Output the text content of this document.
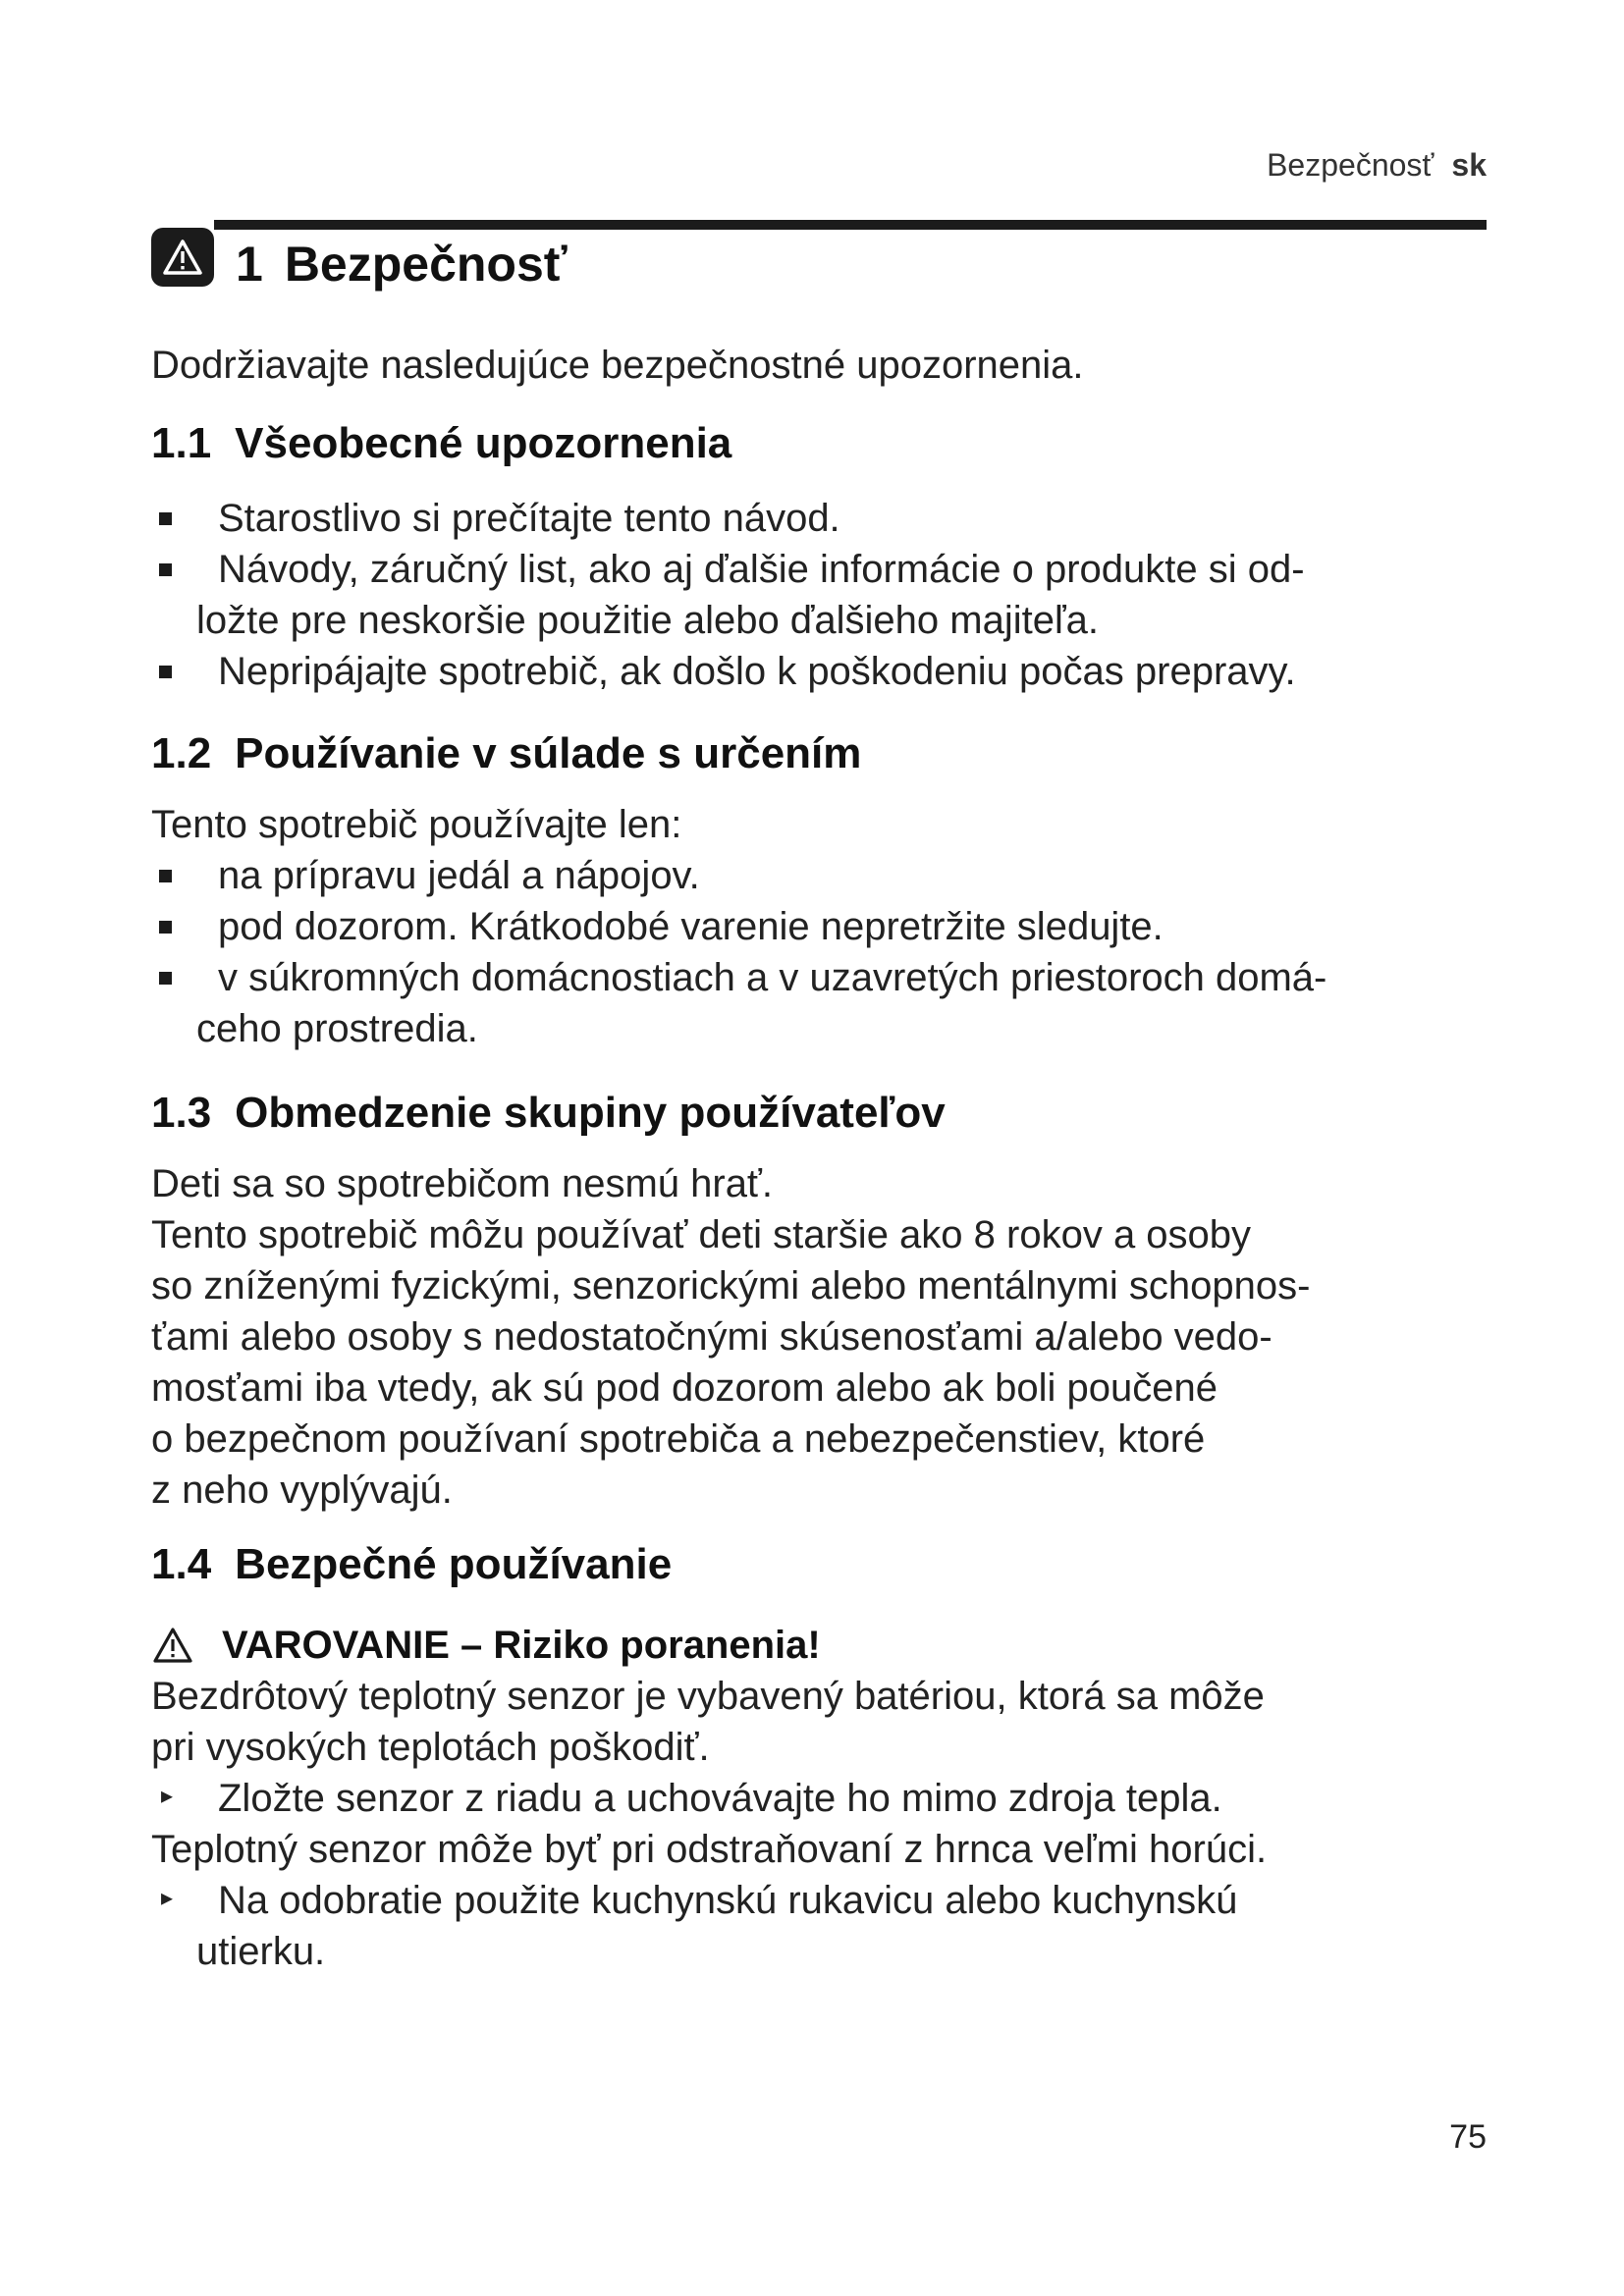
Bezpečnosť sk
1 Bezpečnosť

Dodržiavajte nasledujúce bezpečnostné upozornenia.

1.1 Všeobecné upozornenia
Starostlivo si prečítajte tento návod.
Návody, záručný list, ako aj ďalšie informácie o produkte si od-
ložte pre neskoršie použitie alebo ďalšieho majiteľa.
Nepripájajte spotrebič, ak došlo k poškodeniu počas prepravy.
1.2 Používanie v súlade s určením

Tento spotrebič používajte len:

na prípravu jedál a nápojov.
pod dozorom. Krátkodobé varenie nepretržite sledujte.
v súkromných domácnostiach a v uzavretých priestoroch domá-
ceho prostredia.
1.3 Obmedzenie skupiny používateľov

Deti sa so spotrebičom nesmú hrať.

Tento spotrebič môžu používať deti staršie ako 8 rokov a osoby

so zníženými fyzickými, senzorickými alebo mentálnymi schopnos-

ťami alebo osoby s nedostatočnými skúsenosťami a/alebo vedo-

mosťami iba vtedy, ak sú pod dozorom alebo ak boli poučené

o bezpečnom používaní spotrebiča a nebezpečenstiev, ktoré

z neho vyplývajú.

1.4 Bezpečné používanie
VAROVANIE – Riziko poranenia!

Bezdrôtový teplotný senzor je vybavený batériou, ktorá sa môže

pri vysokých teplotách poškodiť.

▸	Zložte senzor z riadu a uchovávajte ho mimo zdroja tepla.

Teplotný senzor môže byť pri odstraňovaní z hrnca veľmi horúci.

▸	Na odobratie použite kuchynskú rukavicu alebo kuchynskú
utierku.
75
